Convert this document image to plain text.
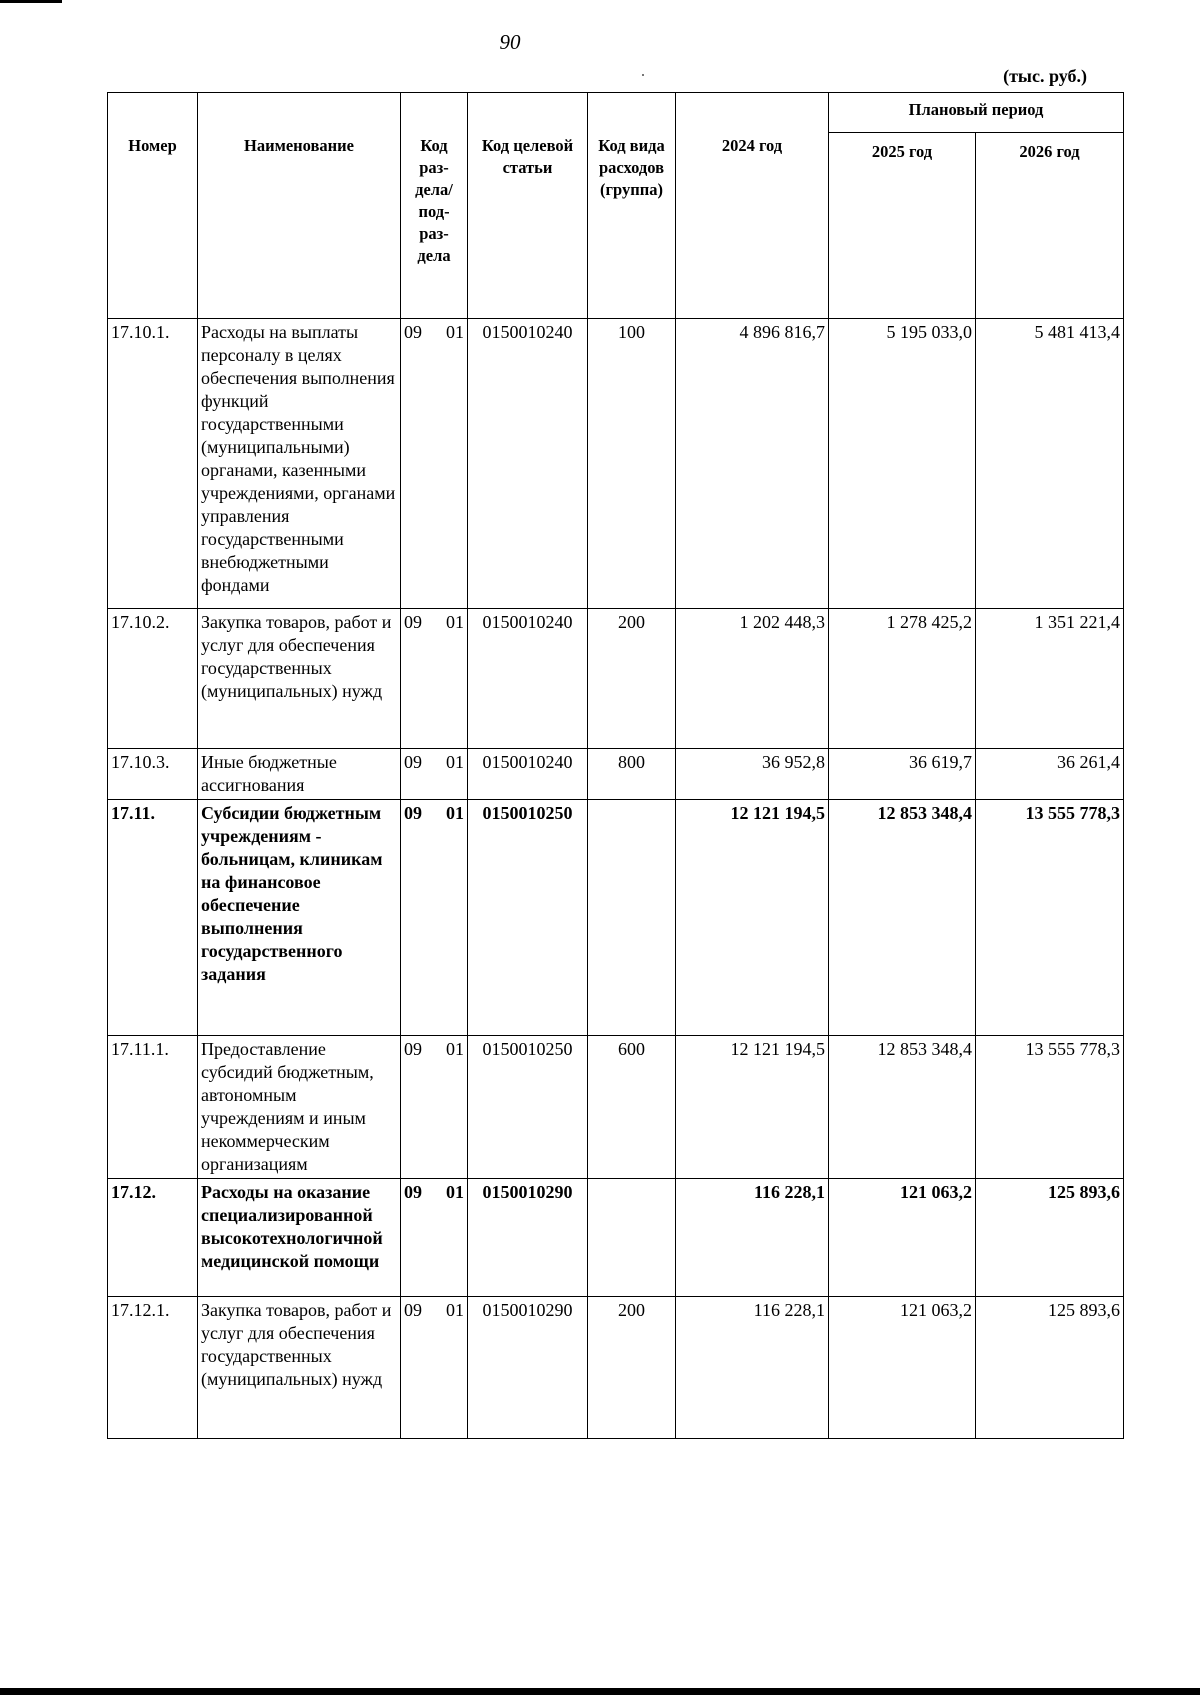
90
(тыс. руб.)
Номер	Наименование	Код раз- дела/ под- раз- дела	Код целевой статьи	Код вида расходов (группа)	2024 год	Плановый период	
						2025 год	2026 год
17.10.1.	Расходы на выплаты персоналу в целях обеспечения выполнения функций государственными (муниципальными) органами, казенными учреждениями, органами управления государственными внебюджетными фондами	09 01	0150010240	100	4 896 816,7	5 195 033,0	5 481 413,4
17.10.2.	Закупка товаров, работ и услуг для обеспечения государственных (муниципальных) нужд	09 01	0150010240	200	1 202 448,3	1 278 425,2	1 351 221,4
17.10.3.	Иные бюджетные ассигнования	09 01	0150010240	800	36 952,8	36 619,7	36 261,4
17.11.	Субсидии бюджетным учреждениям - больницам, клиникам на финансовое обеспечение выполнения государственного задания	09 01	0150010250		12 121 194,5	12 853 348,4	13 555 778,3
17.11.1.	Предоставление субсидий бюджетным, автономным учреждениям и иным некоммерческим организациям	09 01	0150010250	600	12 121 194,5	12 853 348,4	13 555 778,3
17.12.	Расходы на оказание специализированной высокотехнологичной медицинской помощи	09 01	0150010290		116 228,1	121 063,2	125 893,6
17.12.1.	Закупка товаров, работ и услуг для обеспечения государственных (муниципальных) нужд	09 01	0150010290	200	116 228,1	121 063,2	125 893,6
